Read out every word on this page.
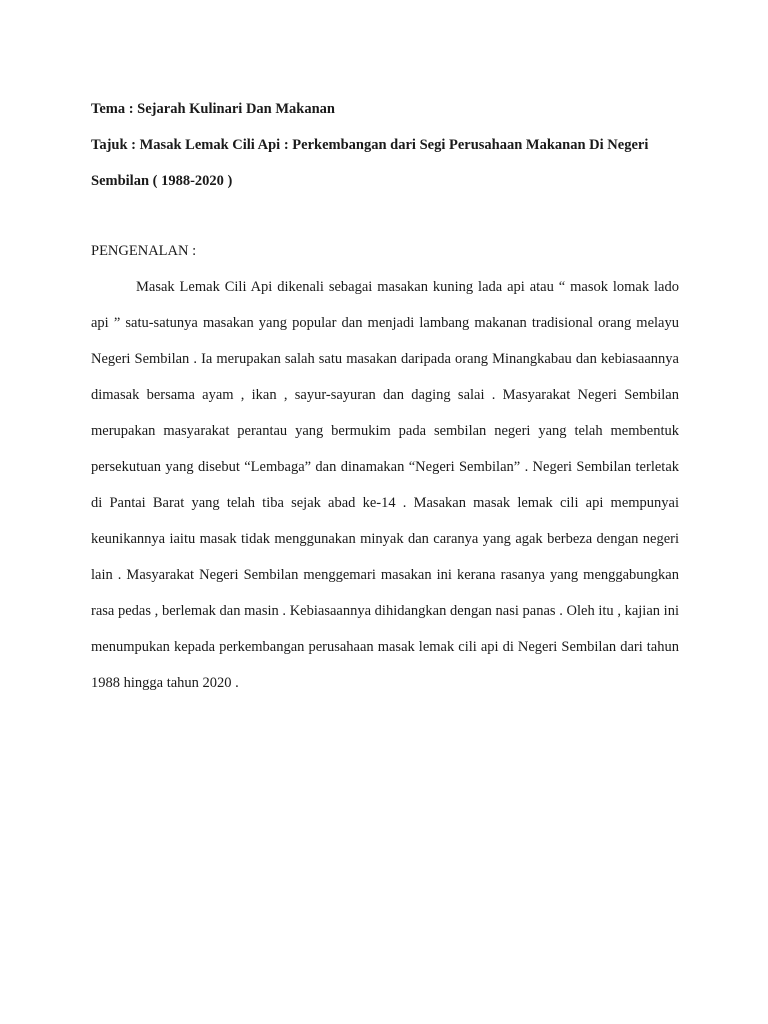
Tema : Sejarah Kulinari Dan Makanan

Tajuk : Masak Lemak Cili Api : Perkembangan dari Segi Perusahaan Makanan Di Negeri Sembilan ( 1988-2020 )

PENGENALAN :

Masak Lemak Cili Api dikenali sebagai masakan kuning lada api atau “ masok lomak lado api ” satu-satunya masakan yang popular dan menjadi lambang makanan tradisional orang melayu Negeri Sembilan . Ia merupakan salah satu masakan daripada orang Minangkabau dan kebiasaannya dimasak bersama ayam , ikan , sayur-sayuran dan daging salai . Masyarakat Negeri Sembilan merupakan masyarakat perantau yang bermukim pada sembilan negeri yang telah membentuk persekutuan yang disebut “Lembaga” dan dinamakan “Negeri Sembilan” . Negeri Sembilan terletak di Pantai Barat yang telah tiba sejak abad ke-14 . Masakan masak lemak cili api mempunyai keunikannya iaitu masak tidak menggunakan minyak dan caranya yang agak berbeza dengan negeri lain . Masyarakat Negeri Sembilan menggemari masakan ini kerana rasanya yang menggabungkan rasa pedas , berlemak dan masin . Kebiasaannya dihidangkan dengan nasi panas . Oleh itu , kajian ini menumpukan kepada perkembangan perusahaan masak lemak cili api di Negeri Sembilan dari tahun 1988 hingga tahun 2020 .
